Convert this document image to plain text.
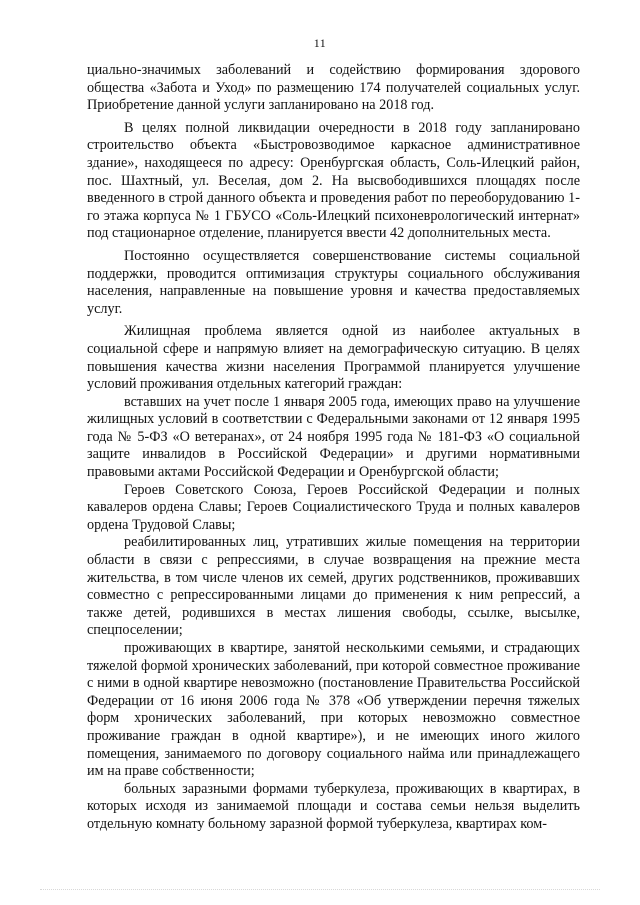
11

циально-значимых заболеваний и содействию формирования здорового общества «Забота и Уход» по размещению 174 получателей социальных услуг. Приобретение данной услуги запланировано на 2018 год.

В целях полной ликвидации очередности в 2018 году запланировано строительство объекта «Быстровозводимое каркасное административное здание», находящееся по адресу: Оренбургская область, Соль-Илецкий район, пос. Шахтный, ул. Веселая, дом 2. На высвободившихся площадях после введенного в строй данного объекта и проведения работ по переоборудованию 1-го этажа корпуса № 1 ГБУСО «Соль-Илецкий психоневрологический интернат» под стационарное отделение, планируется ввести 42 дополнительных места.

Постоянно осуществляется совершенствование системы социальной поддержки, проводится оптимизация структуры социального обслуживания населения, направленные на повышение уровня и качества предоставляемых услуг.

Жилищная проблема является одной из наиболее актуальных в социальной сфере и напрямую влияет на демографическую ситуацию. В целях повышения качества жизни населения Программой планируется улучшение условий проживания отдельных категорий граждан:

вставших на учет после 1 января 2005 года, имеющих право на улучшение жилищных условий в соответствии с Федеральными законами от 12 января 1995 года № 5-ФЗ «О ветеранах», от 24 ноября 1995 года № 181-ФЗ «О социальной защите инвалидов в Российской Федерации» и другими нормативными правовыми актами Российской Федерации и Оренбургской области;

Героев Советского Союза, Героев Российской Федерации и полных кавалеров ордена Славы; Героев Социалистического Труда и полных кавалеров ордена Трудовой Славы;

реабилитированных лиц, утративших жилые помещения на территории области в связи с репрессиями, в случае возвращения на прежние места жительства, в том числе членов их семей, других родственников, проживавших совместно с репрессированными лицами до применения к ним репрессий, а также детей, родившихся в местах лишения свободы, ссылке, высылке, спецпоселении;

проживающих в квартире, занятой несколькими семьями, и страдающих тяжелой формой хронических заболеваний, при которой совместное проживание с ними в одной квартире невозможно (постановление Правительства Российской Федерации от 16 июня 2006 года № 378 «Об утверждении перечня тяжелых форм хронических заболеваний, при которых невозможно совместное проживание граждан в одной квартире»), и не имеющих иного жилого помещения, занимаемого по договору социального найма или принадлежащего им на праве собственности;

больных заразными формами туберкулеза, проживающих в квартирах, в которых исходя из занимаемой площади и состава семьи нельзя выделить отдельную комнату больному заразной формой туберкулеза, квартирах ком-
